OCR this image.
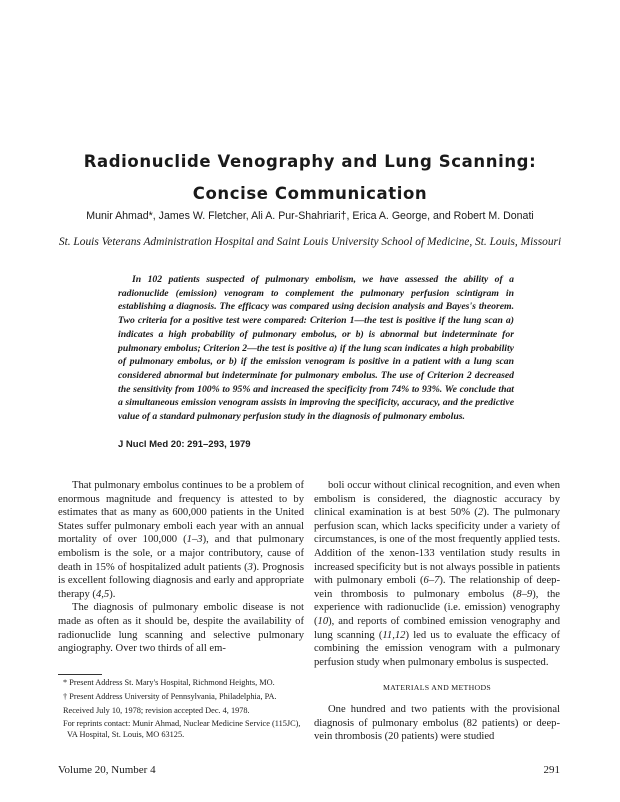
Radionuclide Venography and Lung Scanning:
Concise Communication

Munir Ahmad*, James W. Fletcher, Ali A. Pur-Shahriari†, Erica A. George, and Robert M. Donati

St. Louis Veterans Administration Hospital and Saint Louis University School of Medicine, St. Louis, Missouri

In 102 patients suspected of pulmonary embolism, we have assessed the ability of a radionuclide (emission) venogram to complement the pulmonary perfusion scintigram in establishing a diagnosis. The efficacy was compared using decision analysis and Bayes's theorem. Two criteria for a positive test were compared: Criterion 1—the test is positive if the lung scan a) indicates a high probability of pulmonary embolus, or b) is abnormal but indeterminate for pulmonary embolus; Criterion 2—the test is positive a) if the lung scan indicates a high probability of pulmonary embolus, or b) if the emission venogram is positive in a patient with a lung scan considered abnormal but indeterminate for pulmonary embolus. The use of Criterion 2 decreased the sensitivity from 100% to 95% and increased the specificity from 74% to 93%. We conclude that a simultaneous emission venogram assists in improving the specificity, accuracy, and the predictive value of a standard pulmonary perfusion study in the diagnosis of pulmonary embolus.

J Nucl Med 20: 291–293, 1979

That pulmonary embolus continues to be a problem of enormous magnitude and frequency is attested to by estimates that as many as 600,000 patients in the United States suffer pulmonary emboli each year with an annual mortality of over 100,000 (1–3), and that pulmonary embolism is the sole, or a major contributory, cause of death in 15% of hospitalized adult patients (3). Prognosis is excellent following diagnosis and early and appropriate therapy (4,5).

The diagnosis of pulmonary embolic disease is not made as often as it should be, despite the availability of radionuclide lung scanning and selective pulmonary angiography. Over two thirds of all em-

* Present Address St. Mary's Hospital, Richmond Heights, MO.

† Present Address University of Pennsylvania, Philadelphia, PA.

Received July 10, 1978; revision accepted Dec. 4, 1978.

For reprints contact: Munir Ahmad, Nuclear Medicine Service (115JC), VA Hospital, St. Louis, MO 63125.

boli occur without clinical recognition, and even when embolism is considered, the diagnostic accuracy by clinical examination is at best 50% (2). The pulmonary perfusion scan, which lacks specificity under a variety of circumstances, is one of the most frequently applied tests. Addition of the xenon-133 ventilation study results in increased specificity but is not always possible in patients with pulmonary emboli (6–7). The relationship of deep-vein thrombosis to pulmonary embolus (8–9), the experience with radionuclide (i.e. emission) venography (10), and reports of combined emission venography and lung scanning (11,12) led us to evaluate the efficacy of combining the emission venogram with a pulmonary perfusion study when pulmonary embolus is suspected.

MATERIALS AND METHODS

One hundred and two patients with the provisional diagnosis of pulmonary embolus (82 patients) or deep-vein thrombosis (20 patients) were studied

Volume 20, Number 4	291
